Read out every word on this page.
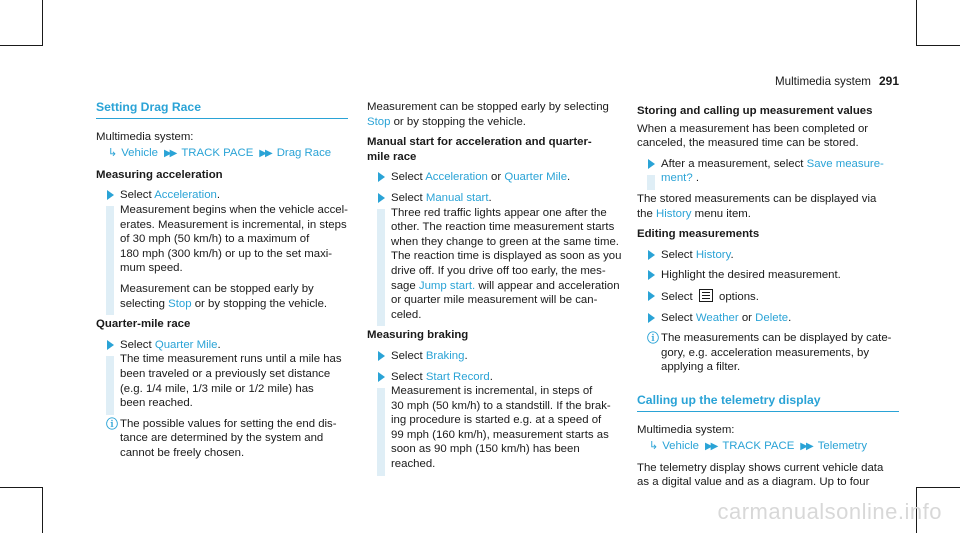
Multimedia system 291
Setting Drag Race
Multimedia system:
↳ Vehicle ▶▶ TRACK PACE ▶▶ Drag Race
Measuring acceleration
Select Acceleration.
Measurement begins when the vehicle accel-
erates. Measurement is incremental, in steps
of 30 mph (50 km/h) to a maximum of
180 mph (300 km/h) or up to the set maxi-
mum speed.
Measurement can be stopped early by
selecting Stop or by stopping the vehicle.
Quarter-mile race
Select Quarter Mile.
The time measurement runs until a mile has
been traveled or a previously set distance
(e.g. 1/4 mile, 1/3 mile or 1/2 mile) has
been reached.
ⓘ The possible values for setting the end dis-
tance are determined by the system and
cannot be freely chosen.
Measurement can be stopped early by selecting
Stop or by stopping the vehicle.
Manual start for acceleration and quarter-
mile race
Select Acceleration or Quarter Mile.
Select Manual start.
Three red traffic lights appear one after the
other. The reaction time measurement starts
when they change to green at the same time.
The reaction time is displayed as soon as you
drive off. If you drive off too early, the mes-
sage Jump start. will appear and acceleration
or quarter mile measurement will be can-
celed.
Measuring braking
Select Braking.
Select Start Record.
Measurement is incremental, in steps of
30 mph (50 km/h) to a standstill. If the brak-
ing procedure is started e.g. at a speed of
99 mph (160 km/h), measurement starts as
soon as 90 mph (150 km/h) has been
reached.
Storing and calling up measurement values
When a measurement has been completed or
canceled, the measured time can be stored.
After a measurement, select Save measure-
ment? .
The stored measurements can be displayed via
the History menu item.
Editing measurements
Select History.
Highlight the desired measurement.
Select  options.
Select Weather or Delete.
ⓘ The measurements can be displayed by cate-
gory, e.g. acceleration measurements, by
applying a filter.
Calling up the telemetry display
Multimedia system:
↳ Vehicle ▶▶ TRACK PACE ▶▶ Telemetry
The telemetry display shows current vehicle data
as a digital value and as a diagram. Up to four
carmanualsonline.info
